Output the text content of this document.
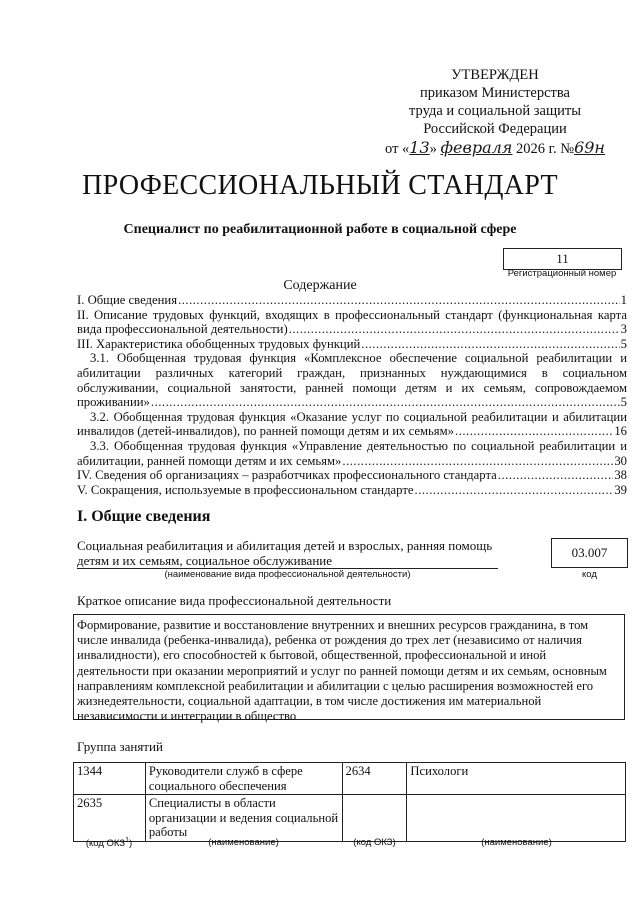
УТВЕРЖДЕН
приказом Министерства
труда и социальной защиты
Российской Федерации
от «13» февраля 2026 г. №69н
ПРОФЕССИОНАЛЬНЫЙ СТАНДАРТ
Специалист по реабилитационной работе в социальной сфере
11
Регистрационный номер
Содержание
I. Общие сведения .....	1
II. Описание трудовых функций, входящих в профессиональный стандарт (функциональная карта
вида профессиональной деятельности) .....	3
III. Характеристика обобщенных трудовых функций .....	5
3.1. Обобщенная трудовая функция «Комплексное обеспечение социальной реабилитации и
абилитации различных категорий граждан, признанных нуждающимися в социальном
обслуживании, социальной занятости, ранней помощи детям и их семьям, сопровождаемом
проживании» .....	5
3.2. Обобщенная трудовая функция «Оказание услуг по социальной реабилитации и абилитации
инвалидов (детей-инвалидов), по ранней помощи детям и их семьям» .....	16
3.3. Обобщенная трудовая функция «Управление деятельностью по социальной реабилитации и
абилитации, ранней помощи детям и их семьям» .....	30
IV. Сведения об организациях – разработчиках профессионального стандарта .....	38
V. Сокращения, используемые в профессиональном стандарте .....	39
I. Общие сведения
Социальная реабилитация и абилитация детей и взрослых, ранняя помощь
детям и их семьям, социальное обслуживание
(наименование вида профессиональной деятельности)
03.007
код
Краткое описание вида профессиональной деятельности
Формирование, развитие и восстановление внутренних и внешних ресурсов гражданина, в том числе инвалида (ребенка-инвалида), ребенка от рождения до трех лет (независимо от наличия инвалидности), его способностей к бытовой, общественной, профессиональной и иной деятельности при оказании мероприятий и услуг по ранней помощи детям и их семьям, основным направлениям комплексной реабилитации и абилитации с целью расширения возможностей его жизнедеятельности, социальной адаптации, в том числе достижения им материальной независимости и интеграции в общество
Группа занятий
1344	Руководители служб в сфере социального обеспечения	2634	Психологи
2635	Специалисты в области организации и ведения социальной работы		
(код ОКЗ$^1$)	(наименование)	(код ОКЗ)	(наименование)
